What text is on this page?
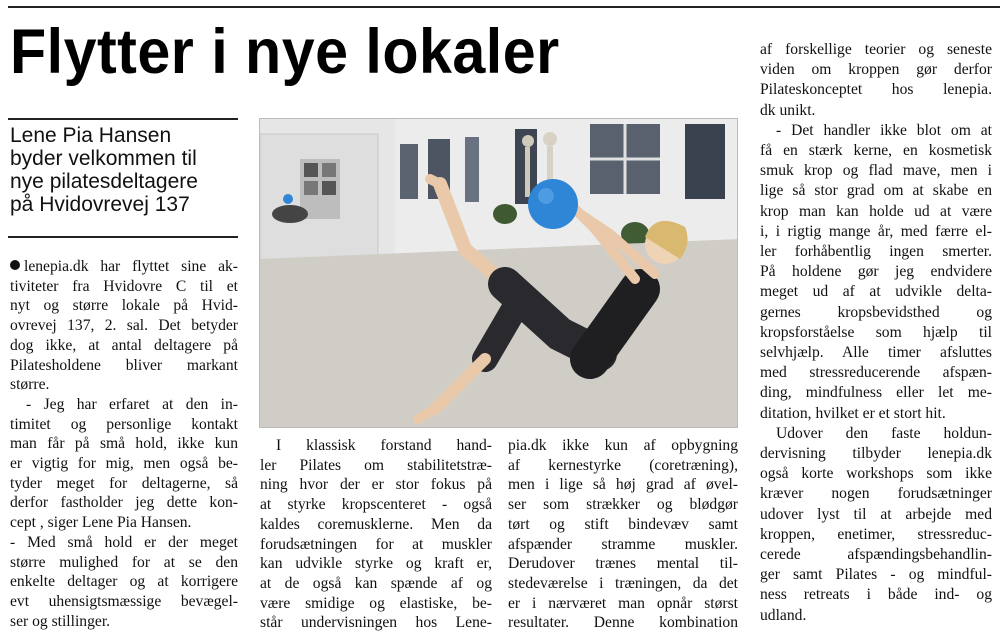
Flytter i nye lokaler
Lene Pia Hansen
byder velkommen til
nye pilatesdeltagere
på Hvidovrevej 137
lenepia.dk har flyttet sine ak-
tiviteter fra Hvidovre C til et
nyt og større lokale på Hvid-
ovrevej 137, 2. sal. Det betyder
dog ikke, at antal deltagere på
Pilatesholdene bliver markant
større.
- Jeg har erfaret at den in-
timitet og personlige kontakt
man får på små hold, ikke kun
er vigtig for mig, men også be-
tyder meget for deltagerne, så
derfor fastholder jeg dette kon-
cept , siger Lene Pia Hansen.
- Med små hold er der meget
større mulighed for at se den
enkelte deltager og at korrigere
evt uhensigtsmæssige bevægel-
ser og stillinger.
I klassisk forstand hand-
ler Pilates om stabilitetstræ-
ning hvor der er stor fokus på
at styrke kropscenteret - også
kaldes coremusklerne. Men da
forudsætningen for at muskler
kan udvikle styrke og kraft er,
at de også kan spænde af og
være smidige og elastiske, be-
står undervisningen hos Lene-
pia.dk ikke kun af opbygning
af kernestyrke (coretræning),
men i lige så høj grad af øvel-
ser som strækker og blødgør
tørt og stift bindevæv samt
afspænder stramme muskler.
Derudover trænes mental til-
stedeværelse i træningen, da det
er i nærværet man opnår størst
resultater. Denne kombination
af forskellige teorier og seneste
viden om kroppen gør derfor
Pilateskonceptet hos lenepia.
dk unikt.
- Det handler ikke blot om at
få en stærk kerne, en kosmetisk
smuk krop og flad mave, men i
lige så stor grad om at skabe en
krop man kan holde ud at være
i, i rigtig mange år, med færre el-
ler forhåbentlig ingen smerter.
På holdene gør jeg endvidere
meget ud af at udvikle delta-
gernes kropsbevidsthed og
kropsforståelse som hjælp til
selvhjælp. Alle timer afsluttes
med stressreducerende afspæn-
ding, mindfulness eller let me-
ditation, hvilket er et stort hit.
Udover den faste holdun-
dervisning tilbyder lenepia.dk
også korte workshops som ikke
kræver nogen forudsætninger
udover lyst til at arbejde med
kroppen, enetimer, stressreduc-
cerede afspændingsbehandlin-
ger samt Pilates - og mindful-
ness retreats i både ind- og
udland.
